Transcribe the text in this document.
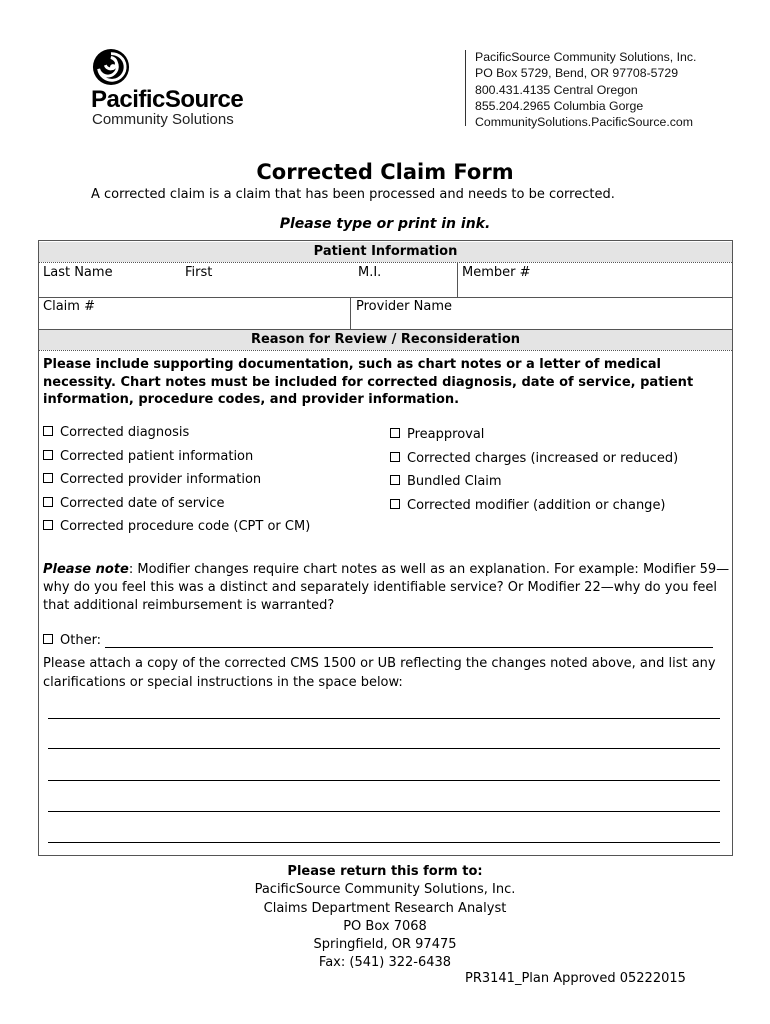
PacificSource
Community Solutions
PacificSource Community Solutions, Inc.
PO Box 5729, Bend, OR 97708-5729
800.431.4135 Central Oregon
855.204.2965 Columbia Gorge
CommunitySolutions.PacificSource.com
Corrected Claim Form
A corrected claim is a claim that has been processed and needs to be corrected.
Please type or print in ink.
Patient Information
Last Name	First	M.I.	Member #
Claim #	Provider Name
Reason for Review / Reconsideration
Please include supporting documentation, such as chart notes or a letter of medical necessity. Chart notes must be included for corrected diagnosis, date of service, patient information, procedure codes, and provider information.
Corrected diagnosis
Corrected patient information
Corrected provider information
Corrected date of service
Corrected procedure code (CPT or CM)
Preapproval
Corrected charges (increased or reduced)
Bundled Claim
Corrected modifier (addition or change)
Please note: Modifier changes require chart notes as well as an explanation. For example: Modifier 59—why do you feel this was a distinct and separately identifiable service? Or Modifier 22—why do you feel that additional reimbursement is warranted?
Other:
Please attach a copy of the corrected CMS 1500 or UB reflecting the changes noted above, and list any clarifications or special instructions in the space below:
Please return this form to:
PacificSource Community Solutions, Inc.
Claims Department Research Analyst
PO Box 7068
Springfield, OR 97475
Fax: (541) 322-6438
PR3141_Plan Approved 05222015
